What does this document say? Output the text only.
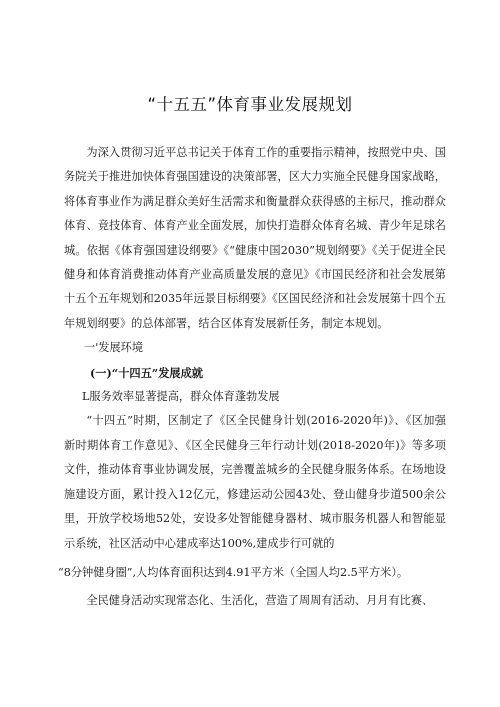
“十五五”体育事业发展规划

为深入贯彻习近平总书记关于体育工作的重要指示精神，按照党中央、国务院关于推进加快体育强国建设的决策部署，区大力实施全民健身国家战略，将体育事业作为满足群众美好生活需求和衡量群众获得感的主标尺，推动群众体育、竞技体育、体育产业全面发展，加快打造群众体育名城、青少年足球名城。依据《体育强国建设纲要》《“健康中国2030”规划纲要》《关于促进全民健身和体育消费推动体育产业高质量发展的意见》《市国民经济和社会发展第十五个五年规划和2035年远景目标纲要》《区国民经济和社会发展第十四个五年规划纲要》的总体部署，结合区体育发展新任务，制定本规划。

一'发展环境

(一)“十四五”发展成就

L服务效率显著提高，群众体育蓬勃发展

“十四五”时期，区制定了《区全民健身计划(2016-2020年)》、《区加强新时期体育工作意见》、《区全民健身三年行动计划(2018-2020年)》等多项文件，推动体育事业协调发展，完善覆盖城乡的全民健身服务体系。在场地设施建设方面，累计投入12亿元，修建运动公园43处、登山健身步道500余公里，开放学校场地52处，安设多处智能健身器材、城市服务机器人和智能显示系统，社区活动中心建成率达100%,建成步行可就的

“8分钟健身圈”,人均体育面积达到4.91平方米（全国人均2.5平方米）。

全民健身活动实现常态化、生活化，营造了周周有活动、月月有比赛、
